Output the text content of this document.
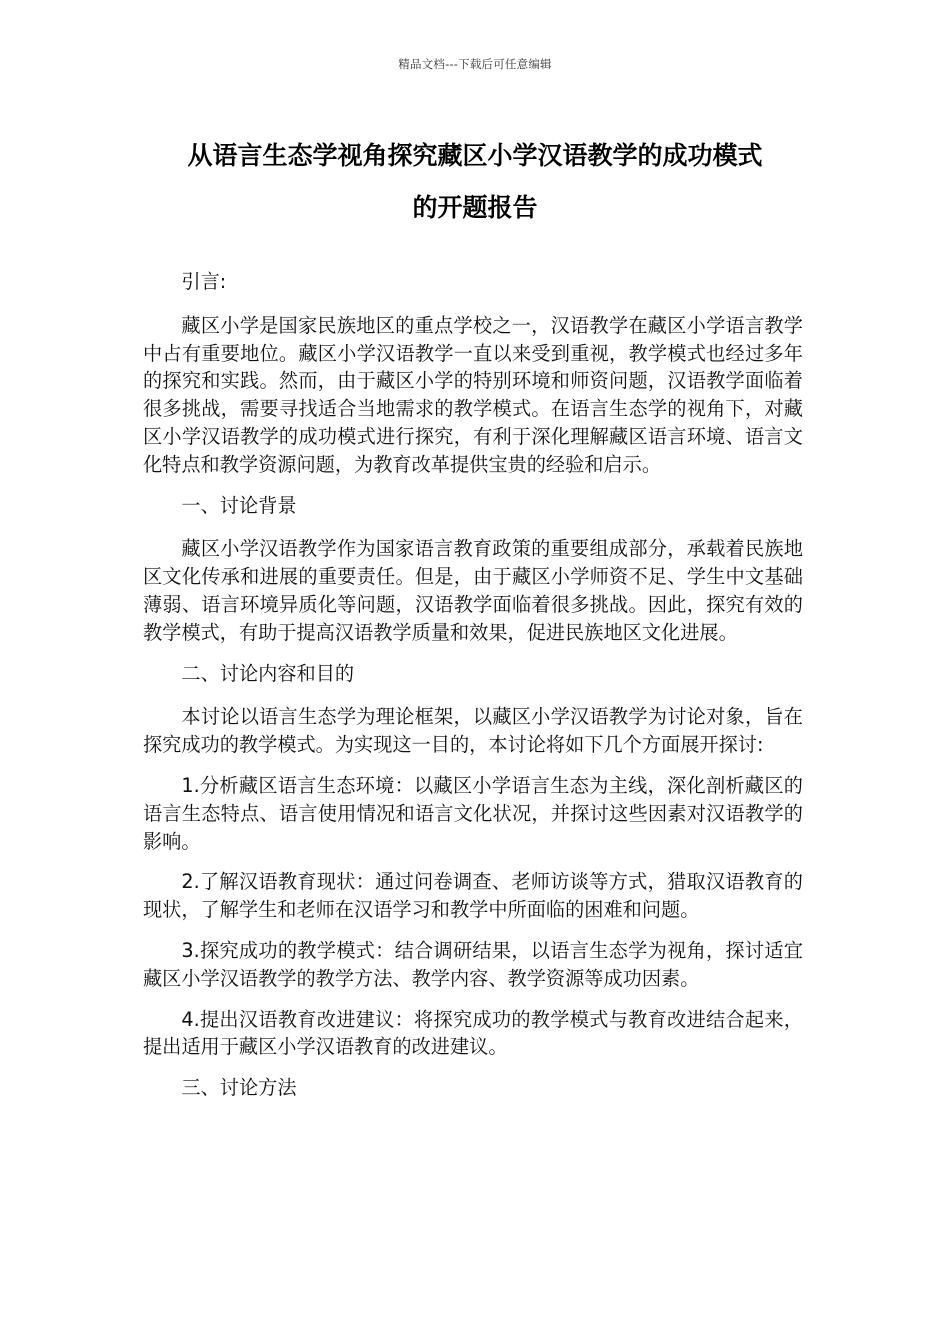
精品文档---下载后可任意编辑
从语言生态学视角探究藏区小学汉语教学的成功模式
的开题报告

引言:

藏区小学是国家民族地区的重点学校之一，汉语教学在藏区小学语言教学中占有重要地位。藏区小学汉语教学一直以来受到重视，教学模式也经过多年的探究和实践。然而，由于藏区小学的特别环境和师资问题，汉语教学面临着很多挑战，需要寻找适合当地需求的教学模式。在语言生态学的视角下，对藏区小学汉语教学的成功模式进行探究，有利于深化理解藏区语言环境、语言文化特点和教学资源问题，为教育改革提供宝贵的经验和启示。

一、讨论背景

藏区小学汉语教学作为国家语言教育政策的重要组成部分，承载着民族地区文化传承和进展的重要责任。但是，由于藏区小学师资不足、学生中文基础薄弱、语言环境异质化等问题，汉语教学面临着很多挑战。因此，探究有效的教学模式，有助于提高汉语教学质量和效果，促进民族地区文化进展。

二、讨论内容和目的

本讨论以语言生态学为理论框架，以藏区小学汉语教学为讨论对象，旨在探究成功的教学模式。为实现这一目的，本讨论将如下几个方面展开探讨:

1.分析藏区语言生态环境：以藏区小学语言生态为主线，深化剖析藏区的语言生态特点、语言使用情况和语言文化状况，并探讨这些因素对汉语教学的影响。

2.了解汉语教育现状：通过问卷调查、老师访谈等方式，猎取汉语教育的现状，了解学生和老师在汉语学习和教学中所面临的困难和问题。

3.探究成功的教学模式：结合调研结果，以语言生态学为视角，探讨适宜藏区小学汉语教学的教学方法、教学内容、教学资源等成功因素。

4.提出汉语教育改进建议：将探究成功的教学模式与教育改进结合起来，提出适用于藏区小学汉语教育的改进建议。

三、讨论方法
